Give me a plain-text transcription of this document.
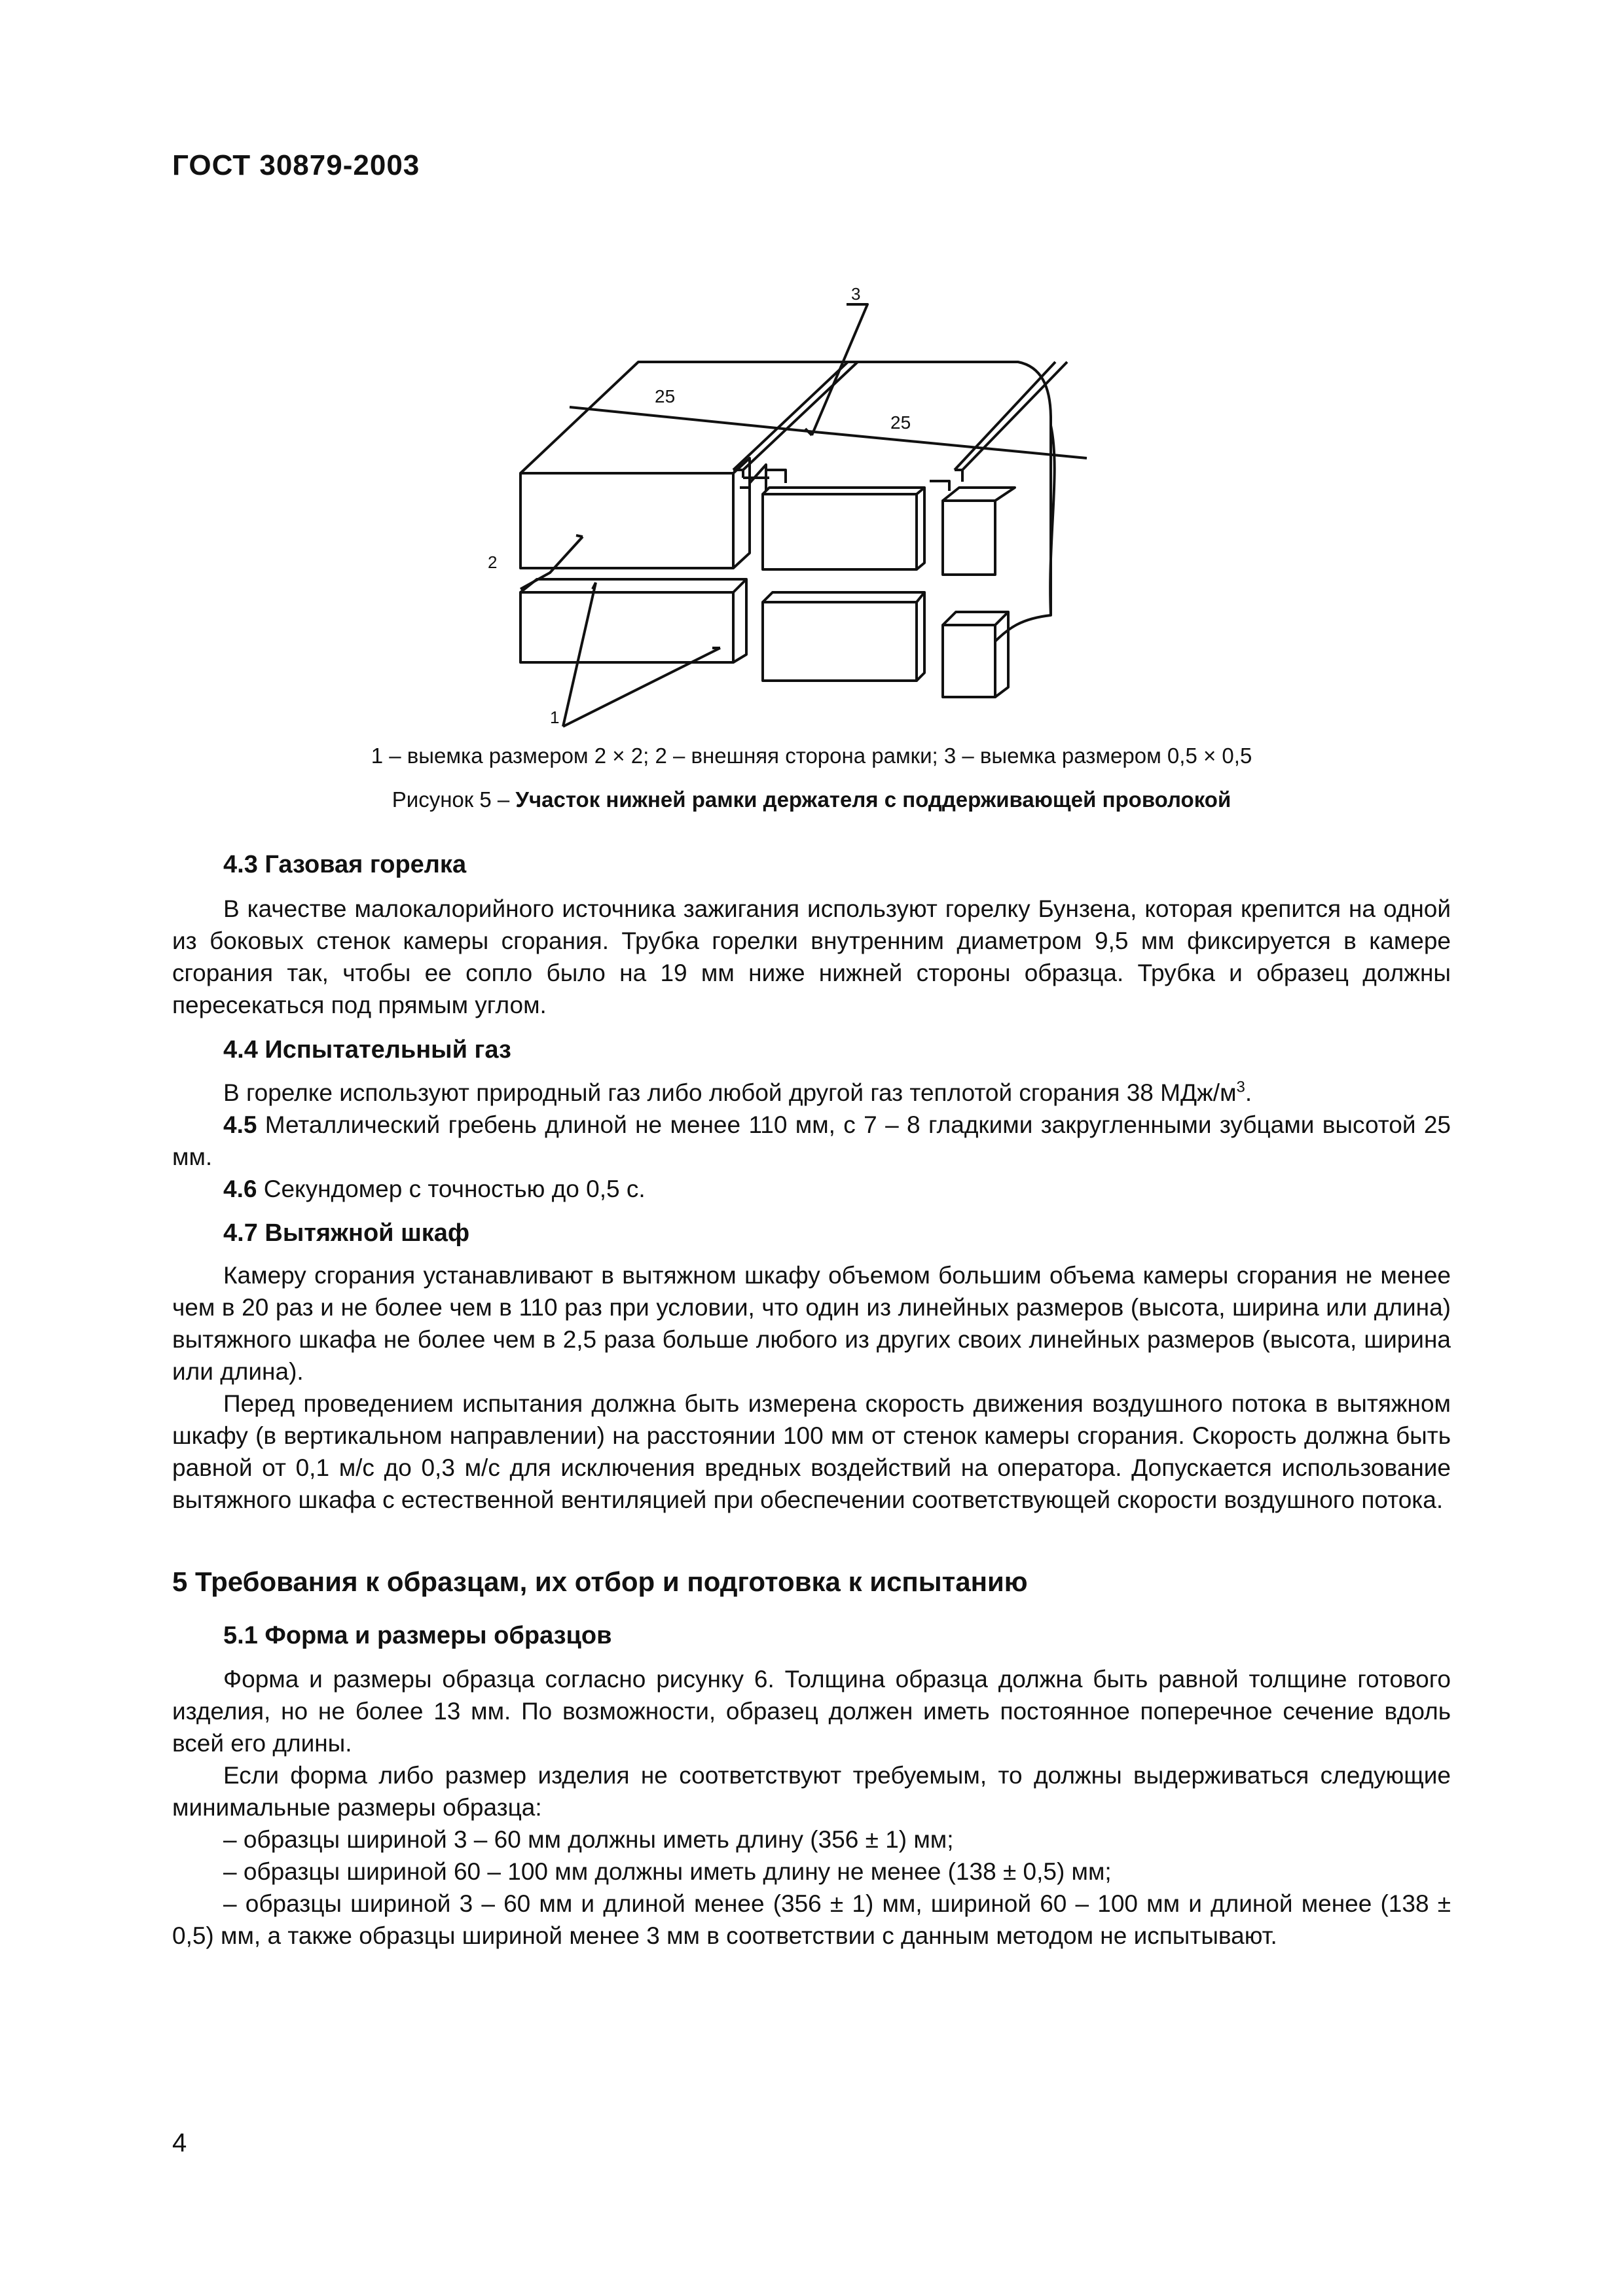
ГОСТ 30879-2003
25
25
3
2
1
1 – выемка размером 2 × 2; 2 – внешняя сторона рамки; 3 – выемка размером 0,5 × 0,5
Рисунок 5 – Участок нижней рамки держателя с поддерживающей проволокой
4.3 Газовая горелка
В качестве малокалорийного источника зажигания используют горелку Бунзена, которая крепится на одной из боковых стенок камеры сгорания. Трубка горелки внутренним диаметром 9,5 мм фиксируется в камере сгорания так, чтобы ее сопло было на 19 мм ниже нижней стороны образца. Трубка и образец должны пересекаться под прямым углом.
4.4 Испытательный газ
В горелке используют природный газ либо любой другой газ теплотой сгорания 38 МДж/$м^3$.
4.5 Металлический гребень длиной не менее 110 мм, с 7 – 8 гладкими закругленными зубцами высотой 25 мм.
4.6 Секундомер с точностью до 0,5 с.
4.7 Вытяжной шкаф
Камеру сгорания устанавливают в вытяжном шкафу объемом большим объема камеры сгорания не менее чем в 20 раз и не более чем в 110 раз при условии, что один из линейных размеров (высота, ширина или длина) вытяжного шкафа не более чем в 2,5 раза больше любого из других своих линейных размеров (высота, ширина или длина).
Перед проведением испытания должна быть измерена скорость движения воздушного потока в вытяжном шкафу (в вертикальном направлении) на расстоянии 100 мм от стенок камеры сгорания. Скорость должна быть равной от 0,1 м/с до 0,3 м/с для исключения вредных воздействий на оператора. Допускается использование вытяжного шкафа с естественной вентиляцией при обеспечении соответствующей скорости воздушного потока.
5 Требования к образцам, их отбор и подготовка к испытанию
5.1 Форма и размеры образцов
Форма и размеры образца согласно рисунку 6. Толщина образца должна быть равной толщине готового изделия, но не более 13 мм. По возможности, образец должен иметь постоянное поперечное сечение вдоль всей его длины.
Если форма либо размер изделия не соответствуют требуемым, то должны выдерживаться следующие минимальные размеры образца:
– образцы шириной 3 – 60 мм должны иметь длину (356 ± 1) мм;
– образцы шириной 60 – 100 мм должны иметь длину не менее (138 ± 0,5) мм;
– образцы шириной 3 – 60 мм и длиной менее (356 ± 1) мм, шириной 60 – 100 мм и длиной менее (138 ± 0,5) мм, а также образцы шириной менее 3 мм в соответствии с данным методом не испытывают.
4
